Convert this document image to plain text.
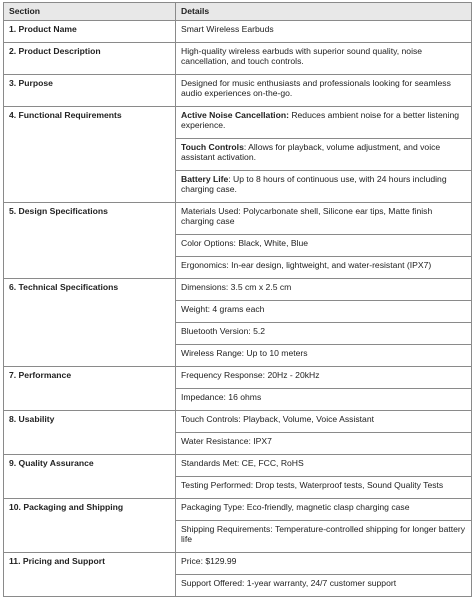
Section	Details
1. Product Name	Smart Wireless Earbuds
2. Product Description	High-quality wireless earbuds with superior sound quality, noise cancellation, and touch controls.
3. Purpose	Designed for music enthusiasts and professionals looking for seamless audio experiences on-the-go.
4. Functional Requirements	Active Noise Cancellation: Reduces ambient noise for a better listening experience.
	Touch Controls: Allows for playback, volume adjustment, and voice assistant activation.
	Battery Life: Up to 8 hours of continuous use, with 24 hours including charging case.
5. Design Specifications	Materials Used: Polycarbonate shell, Silicone ear tips, Matte finish charging case
	Color Options: Black, White, Blue
	Ergonomics: In-ear design, lightweight, and water-resistant (IPX7)
6. Technical Specifications	Dimensions: 3.5 cm x 2.5 cm
	Weight: 4 grams each
	Bluetooth Version: 5.2
	Wireless Range: Up to 10 meters
7. Performance	Frequency Response: 20Hz - 20kHz
	Impedance: 16 ohms
8. Usability	Touch Controls: Playback, Volume, Voice Assistant
	Water Resistance: IPX7
9. Quality Assurance	Standards Met: CE, FCC, RoHS
	Testing Performed: Drop tests, Waterproof tests, Sound Quality Tests
10. Packaging and Shipping	Packaging Type: Eco-friendly, magnetic clasp charging case
	Shipping Requirements: Temperature-controlled shipping for longer battery life
11. Pricing and Support	Price: $129.99
	Support Offered: 1-year warranty, 24/7 customer support
